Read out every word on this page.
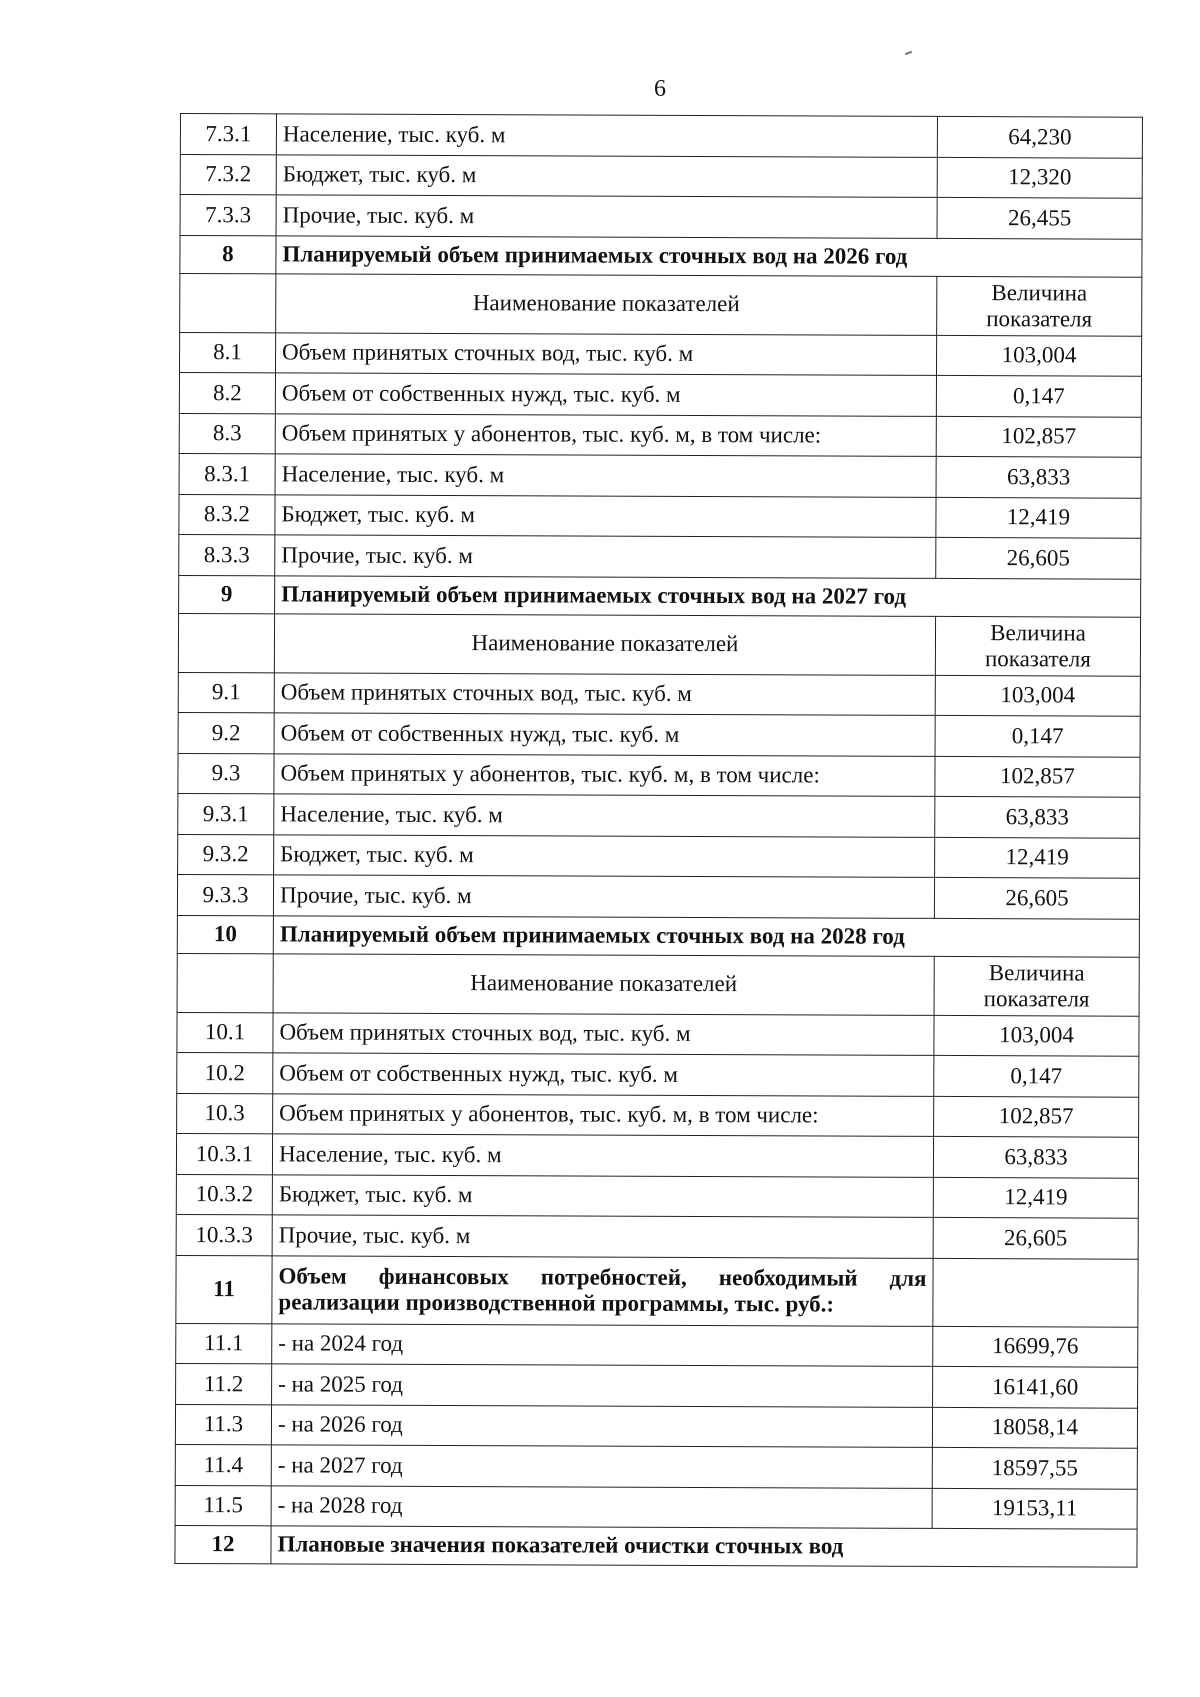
6
7.3.1	Население, тыс. куб. м	64,230
7.3.2	Бюджет, тыс. куб. м	12,320
7.3.3	Прочие, тыс. куб. м	26,455
8	Планируемый объем принимаемых сточных вод на 2026 год	
	Наименование показателей	Величина показателя
8.1	Объем принятых сточных вод, тыс. куб. м	103,004
8.2	Объем от собственных нужд, тыс. куб. м	0,147
8.3	Объем принятых у абонентов, тыс. куб. м, в том числе:	102,857
8.3.1	Население, тыс. куб. м	63,833
8.3.2	Бюджет, тыс. куб. м	12,419
8.3.3	Прочие, тыс. куб. м	26,605
9	Планируемый объем принимаемых сточных вод на 2027 год	
	Наименование показателей	Величина показателя
9.1	Объем принятых сточных вод, тыс. куб. м	103,004
9.2	Объем от собственных нужд, тыс. куб. м	0,147
9.3	Объем принятых у абонентов, тыс. куб. м, в том числе:	102,857
9.3.1	Население, тыс. куб. м	63,833
9.3.2	Бюджет, тыс. куб. м	12,419
9.3.3	Прочие, тыс. куб. м	26,605
10	Планируемый объем принимаемых сточных вод на 2028 год	
	Наименование показателей	Величина показателя
10.1	Объем принятых сточных вод, тыс. куб. м	103,004
10.2	Объем от собственных нужд, тыс. куб. м	0,147
10.3	Объем принятых у абонентов, тыс. куб. м, в том числе:	102,857
10.3.1	Население, тыс. куб. м	63,833
10.3.2	Бюджет, тыс. куб. м	12,419
10.3.3	Прочие, тыс. куб. м	26,605
11	Объем финансовых потребностей, необходимый для реализации производственной программы, тыс. руб.:	
11.1	- на 2024 год	16699,76
11.2	- на 2025 год	16141,60
11.3	- на 2026 год	18058,14
11.4	- на 2027 год	18597,55
11.5	- на 2028 год	19153,11
12	Плановые значения показателей очистки сточных вод	
